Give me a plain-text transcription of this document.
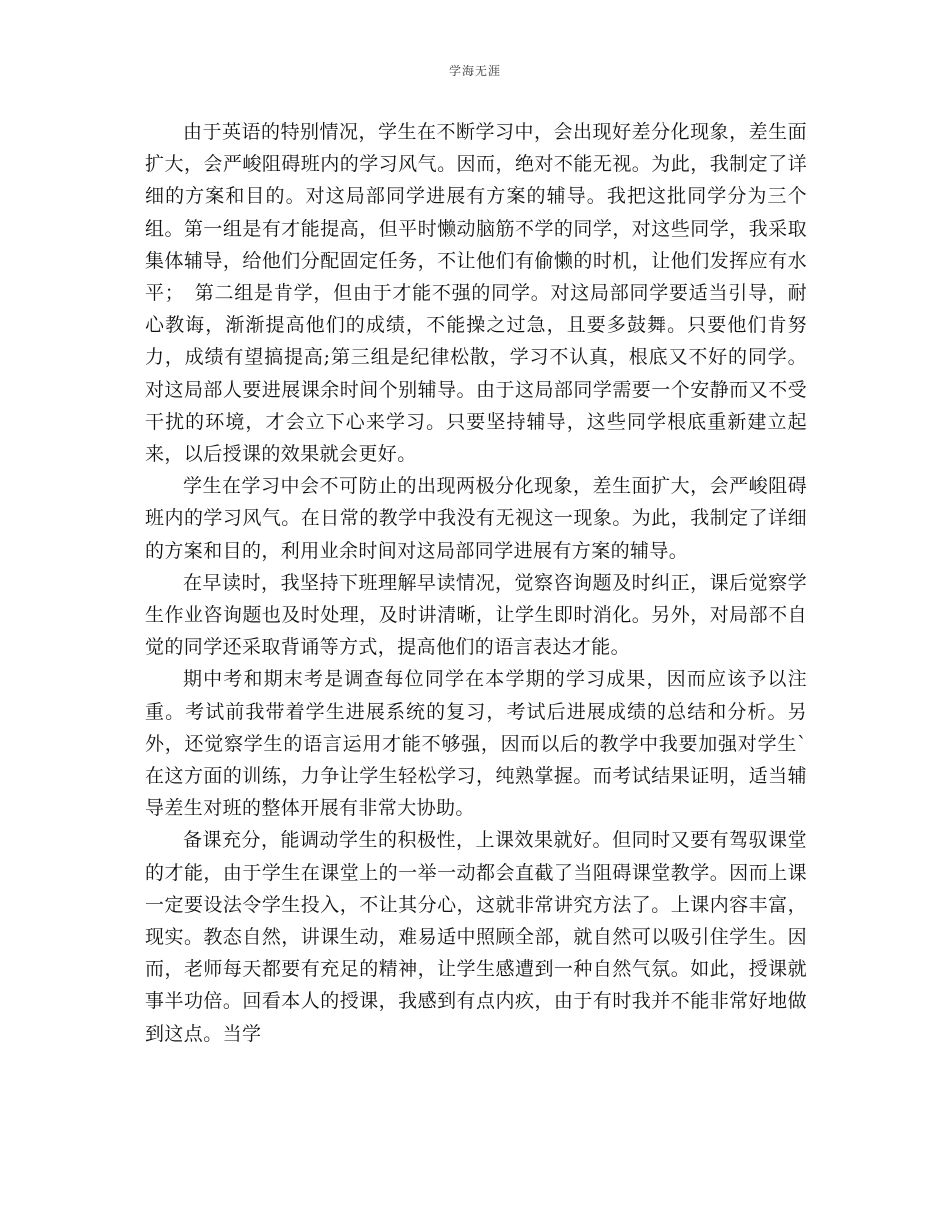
学海无涯

由于英语的特别情况，学生在不断学习中，会出现好差分化现象，差生面扩大，会严峻阻碍班内的学习风气。因而，绝对不能无视。为此，我制定了详细的方案和目的。对这局部同学进展有方案的辅导。我把这批同学分为三个组。第一组是有才能提高，但平时懒动脑筋不学的同学，对这些同学，我采取集体辅导，给他们分配固定任务，不让他们有偷懒的时机，让他们发挥应有水平；　第二组是肯学，但由于才能不强的同学。对这局部同学要适当引导，耐心教诲，渐渐提高他们的成绩，不能操之过急，且要多鼓舞。只要他们肯努力，成绩有望搞提高;第三组是纪律松散，学习不认真，根底又不好的同学。对这局部人要进展课余时间个别辅导。由于这局部同学需要一个安静而又不受干扰的环境，才会立下心来学习。只要坚持辅导，这些同学根底重新建立起来，以后授课的效果就会更好。

学生在学习中会不可防止的出现两极分化现象，差生面扩大，会严峻阻碍班内的学习风气。在日常的教学中我没有无视这一现象。为此，我制定了详细的方案和目的，利用业余时间对这局部同学进展有方案的辅导。

在早读时，我坚持下班理解早读情况，觉察咨询题及时纠正，课后觉察学生作业咨询题也及时处理，及时讲清晰，让学生即时消化。另外，对局部不自觉的同学还采取背诵等方式，提高他们的语言表达才能。

期中考和期末考是调查每位同学在本学期的学习成果，因而应该予以注重。考试前我带着学生进展系统的复习，考试后进展成绩的总结和分析。另外，还觉察学生的语言运用才能不够强，因而以后的教学中我要加强对学生`在这方面的训练，力争让学生轻松学习，纯熟掌握。而考试结果证明，适当辅导差生对班的整体开展有非常大协助。

备课充分，能调动学生的积极性，上课效果就好。但同时又要有驾驭课堂的才能，由于学生在课堂上的一举一动都会直截了当阻碍课堂教学。因而上课一定要设法令学生投入，不让其分心，这就非常讲究方法了。上课内容丰富，现实。教态自然，讲课生动，难易适中照顾全部，就自然可以吸引住学生。因而，老师每天都要有充足的精神，让学生感遭到一种自然气氛。如此，授课就事半功倍。回看本人的授课，我感到有点内疚，由于有时我并不能非常好地做到这点。当学
